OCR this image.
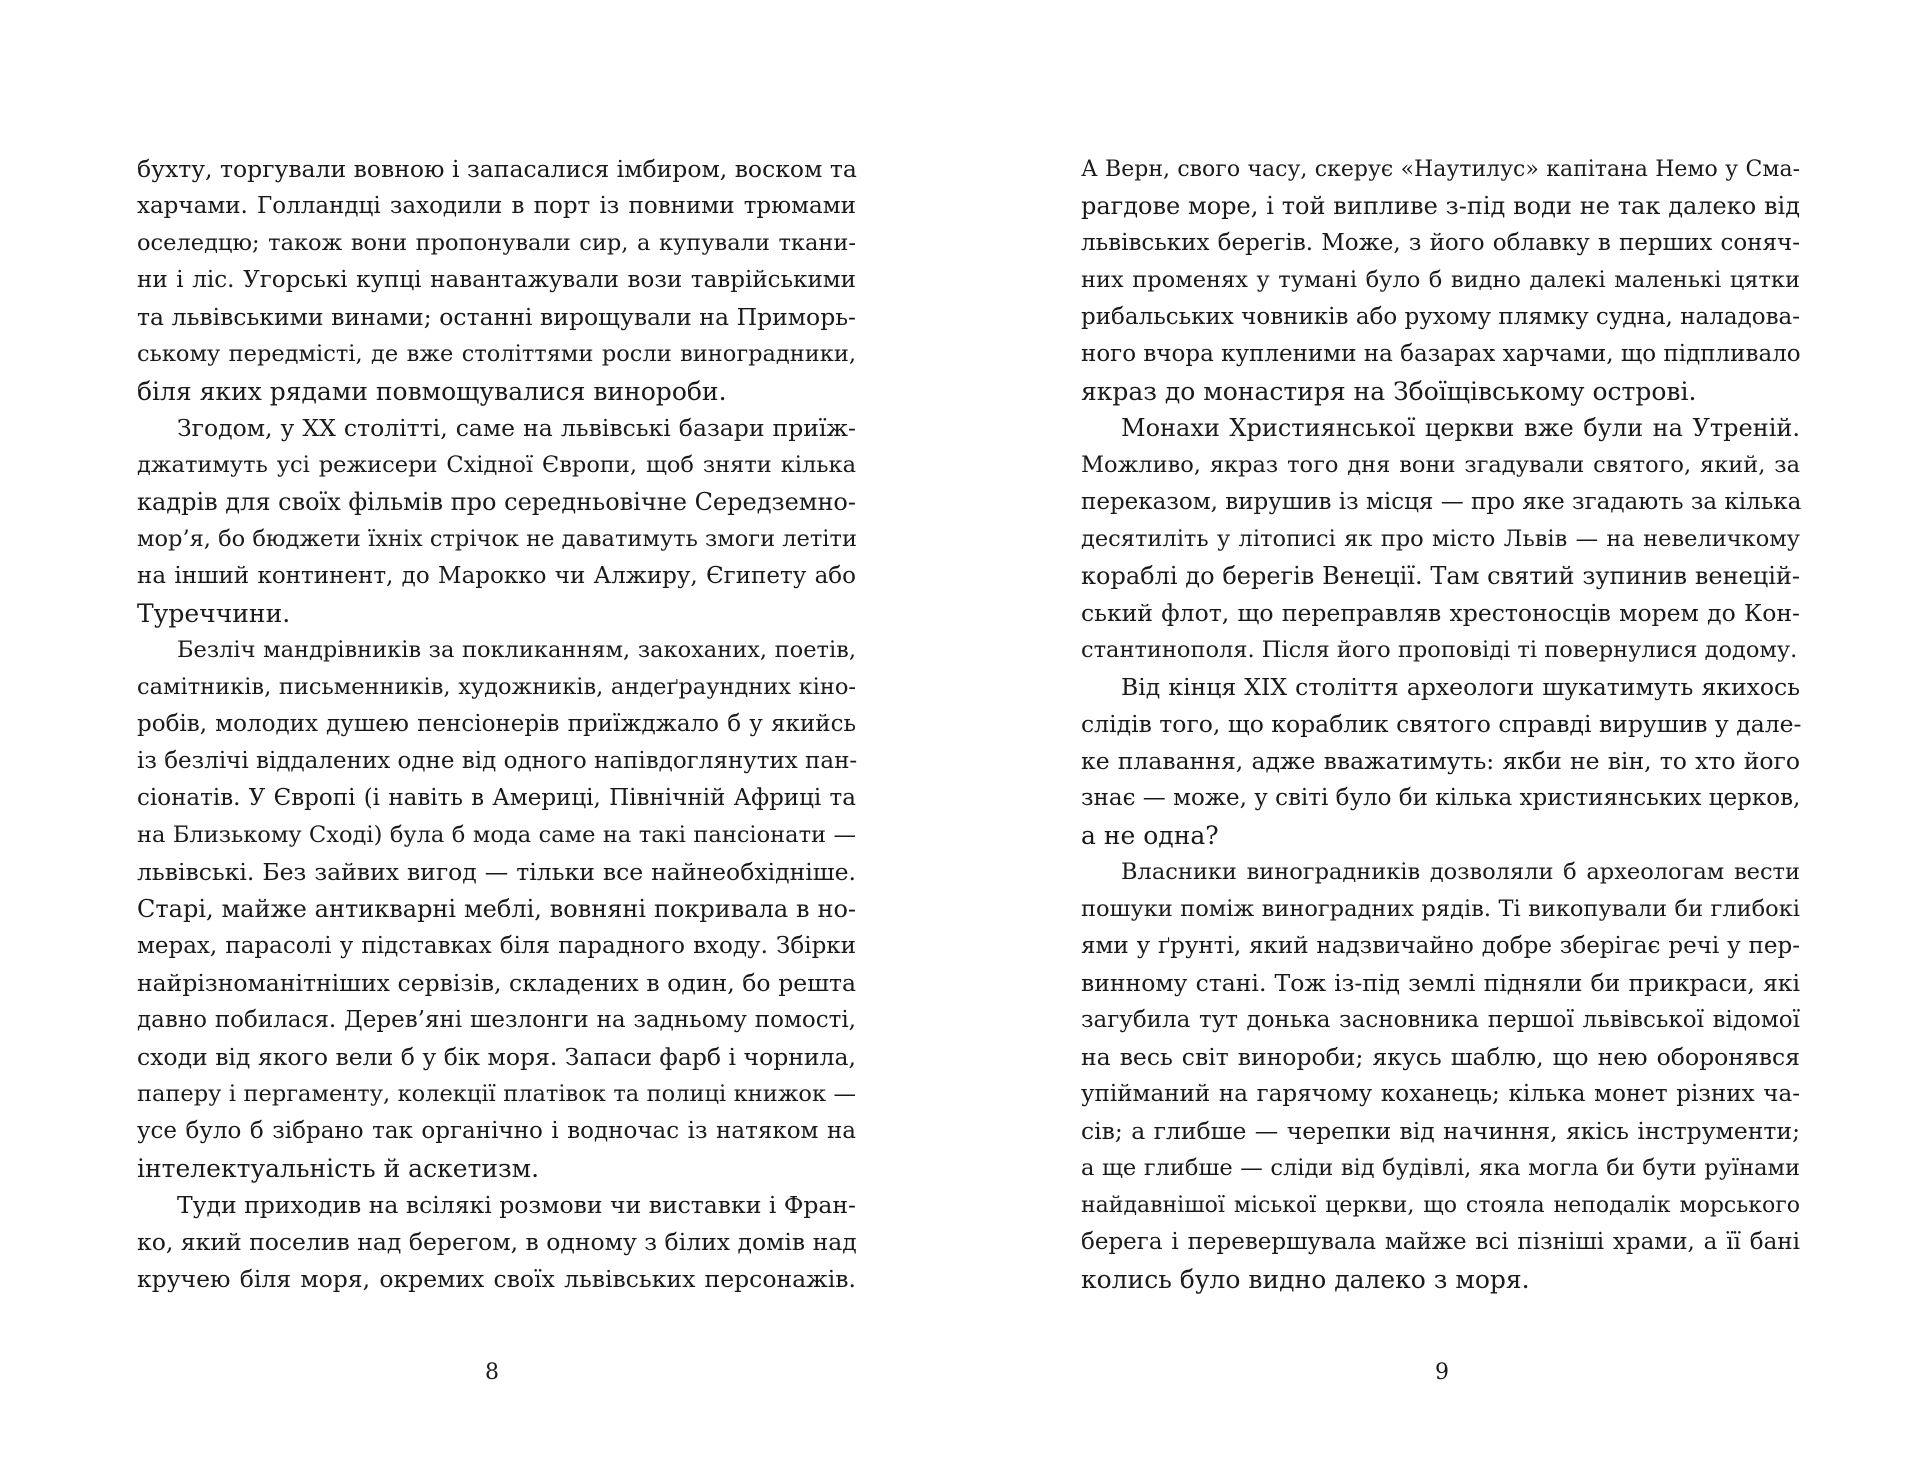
бухту, торгували вовною і запасалися імбиром, воском та
харчами. Голландці заходили в порт із повними трюмами
оселедцю; також вони пропонували сир, а купували ткани-
ни і ліс. Угорські купці навантажували вози таврійськими
та львівськими винами; останні вирощували на Приморь-
ському передмісті, де вже століттями росли виноградники,
біля яких рядами повмощувалися винороби.
Згодом, у XX столітті, саме на львівські базари приїж-
джатимуть усі режисери Східної Європи, щоб зняти кілька
кадрів для своїх фільмів про середньовічне Середземно-
мор’я, бо бюджети їхніх стрічок не даватимуть змоги летіти
на інший континент, до Марокко чи Алжиру, Єгипету або
Туреччини.
Безліч мандрівників за покликанням, закоханих, поетів,
самітників, письменників, художників, андеґраундних кіно-
робів, молодих душею пенсіонерів приїжджало б у якийсь
із безлічі віддалених одне від одного напівдоглянутих пан-
сіонатів. У Європі (і навіть в Америці, Північній Африці та
на Близькому Сході) була б мода саме на такі пансіонати —
львівські. Без зайвих вигод — тільки все найнеобхідніше.
Старі, майже антикварні меблі, вовняні покривала в но-
мерах, парасолі у підставках біля парадного входу. Збірки
найрізноманітніших сервізів, складених в один, бо решта
давно побилася. Дерев’яні шезлонги на задньому помості,
сходи від якого вели б у бік моря. Запаси фарб і чорнила,
паперу і пергаменту, колекції платівок та полиці книжок —
усе було б зібрано так органічно і водночас із натяком на
інтелектуальність й аскетизм.
Туди приходив на всілякі розмови чи виставки і Фран-
ко, який поселив над берегом, в одному з білих домів над
кручею біля моря, окремих своїх львівських персонажів.
А Верн, свого часу, скерує «Наутилус» капітана Немо у Сма-
рагдове море, і той випливе з-під води не так далеко від
львівських берегів. Може, з його облавку в перших соняч-
них променях у тумані було б видно далекі маленькі цятки
рибальських човників або рухому плямку судна, наладова-
ного вчора купленими на базарах харчами, що підпливало
якраз до монастиря на Збоїщівському острові.
Монахи Християнської церкви вже були на Утреній.
Можливо, якраз того дня вони згадували святого, який, за
переказом, вирушив із місця — про яке згадають за кілька
десятиліть у літописі як про місто Львів — на невеличкому
кораблі до берегів Венеції. Там святий зупинив венецій-
ський флот, що переправляв хрестоносців морем до Кон-
стантинополя. Після його проповіді ті повернулися додому.
Від кінця XIX століття археологи шукатимуть якихось
слідів того, що кораблик святого справді вирушив у дале-
ке плавання, адже вважатимуть: якби не він, то хто його
знає — може, у світі було би кілька християнських церков,
а не одна?
Власники виноградників дозволяли б археологам вести
пошуки поміж виноградних рядів. Ті викопували би глибокі
ями у ґрунті, який надзвичайно добре зберігає речі у пер-
винному стані. Тож із-під землі підняли би прикраси, які
загубила тут донька засновника першої львівської відомої
на весь світ винороби; якусь шаблю, що нею оборонявся
упійманий на гарячому коханець; кілька монет різних ча-
сів; а глибше — черепки від начиння, якісь інструменти;
а ще глибше — сліди від будівлі, яка могла би бути руїнами
найдавнішої міської церкви, що стояла неподалік морського
берега і перевершувала майже всі пізніші храми, а її бані
колись було видно далеко з моря.
8	9
